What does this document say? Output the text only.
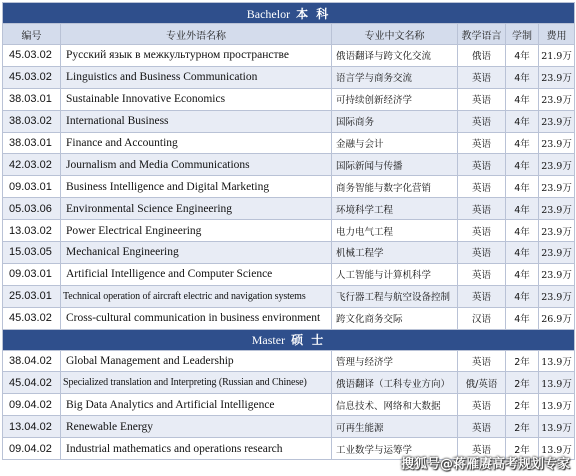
Bachelor 本 科					
编号	专业外语名称	专业中文名称	教学语言	学制	费用
45.03.02	Русский язык в межкультурном пространстве	俄语翻译与跨文化交流	俄语	4年	21.9万
45.03.02	Linguistics and Business Communication	语言学与商务交流	英语	4年	23.9万
38.03.01	Sustainable Innovative Economics	可持续创新经济学	英语	4年	23.9万
38.03.02	International Business	国际商务	英语	4年	23.9万
38.03.01	Finance and Accounting	金融与会计	英语	4年	23.9万
42.03.02	Journalism and Media Communications	国际新闻与传播	英语	4年	23.9万
09.03.01	Business Intelligence and Digital Marketing	商务智能与数字化营销	英语	4年	23.9万
05.03.06	Environmental Science Engineering	环境科学工程	英语	4年	23.9万
13.03.02	Power Electrical Engineering	电力电气工程	英语	4年	23.9万
15.03.05	Mechanical Engineering	机械工程学	英语	4年	23.9万
09.03.01	Artificial Intelligence and Computer Science	人工智能与计算机科学	英语	4年	23.9万
25.03.01	Technical operation of aircraft electric and navigation systems	飞行器工程与航空设备控制	英语	4年	23.9万
45.03.02	Cross-cultural communication in business environment	跨文化商务交际	汉语	4年	26.9万
Master 硕 士					
38.04.02	Global Management and Leadership	管理与经济学	英语	2年	13.9万
45.04.02	Specialized translation and Interpreting (Russian and Chinese)	俄语翻译（工科专业方向）	俄/英语	2年	13.9万
09.04.02	Big Data Analytics and Artificial Intelligence	信息技术、网络和大数据	英语	2年	13.9万
13.04.02	Renewable Energy	可再生能源	英语	2年	13.9万
09.04.02	Industrial mathematics and operations research	工业数学与运筹学	英语	2年	13.9万
搜狐号@蒋雁赓高考规划专家
